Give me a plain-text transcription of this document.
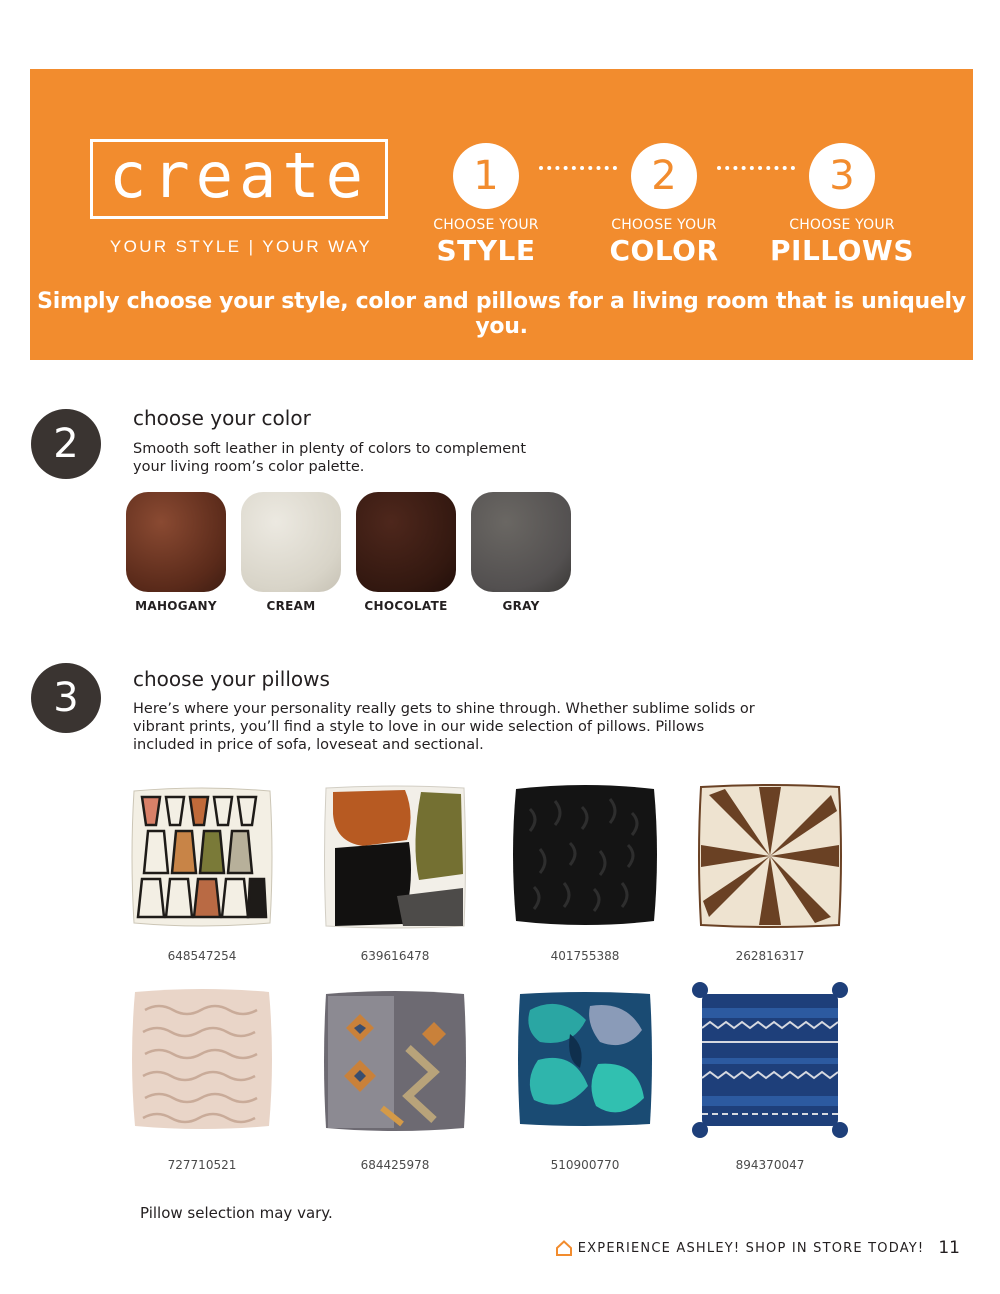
create
YOUR STYLE | YOUR WAY
1
CHOOSE YOUR
STYLE
2
CHOOSE YOUR
COLOR
3
CHOOSE YOUR
PILLOWS
Simply choose your style, color and pillows for a living room that is uniquely you.
2
choose your color
Smooth soft leather in plenty of colors to complement your living room’s color palette.
MAHOGANY	CREAM	CHOCOLATE	GRAY
3	choose your pillows
Here’s where your personality really gets to shine through. Whether sublime solids or vibrant prints, you’ll find a style to love in our wide selection of pillows. Pillows included in price of sofa, loveseat and sectional.
648547254	639616478	401755388	262816317
727710521	684425978	510900770	894370047
Pillow selection may vary.
EXPERIENCE ASHLEY! SHOP IN STORE TODAY! 11
